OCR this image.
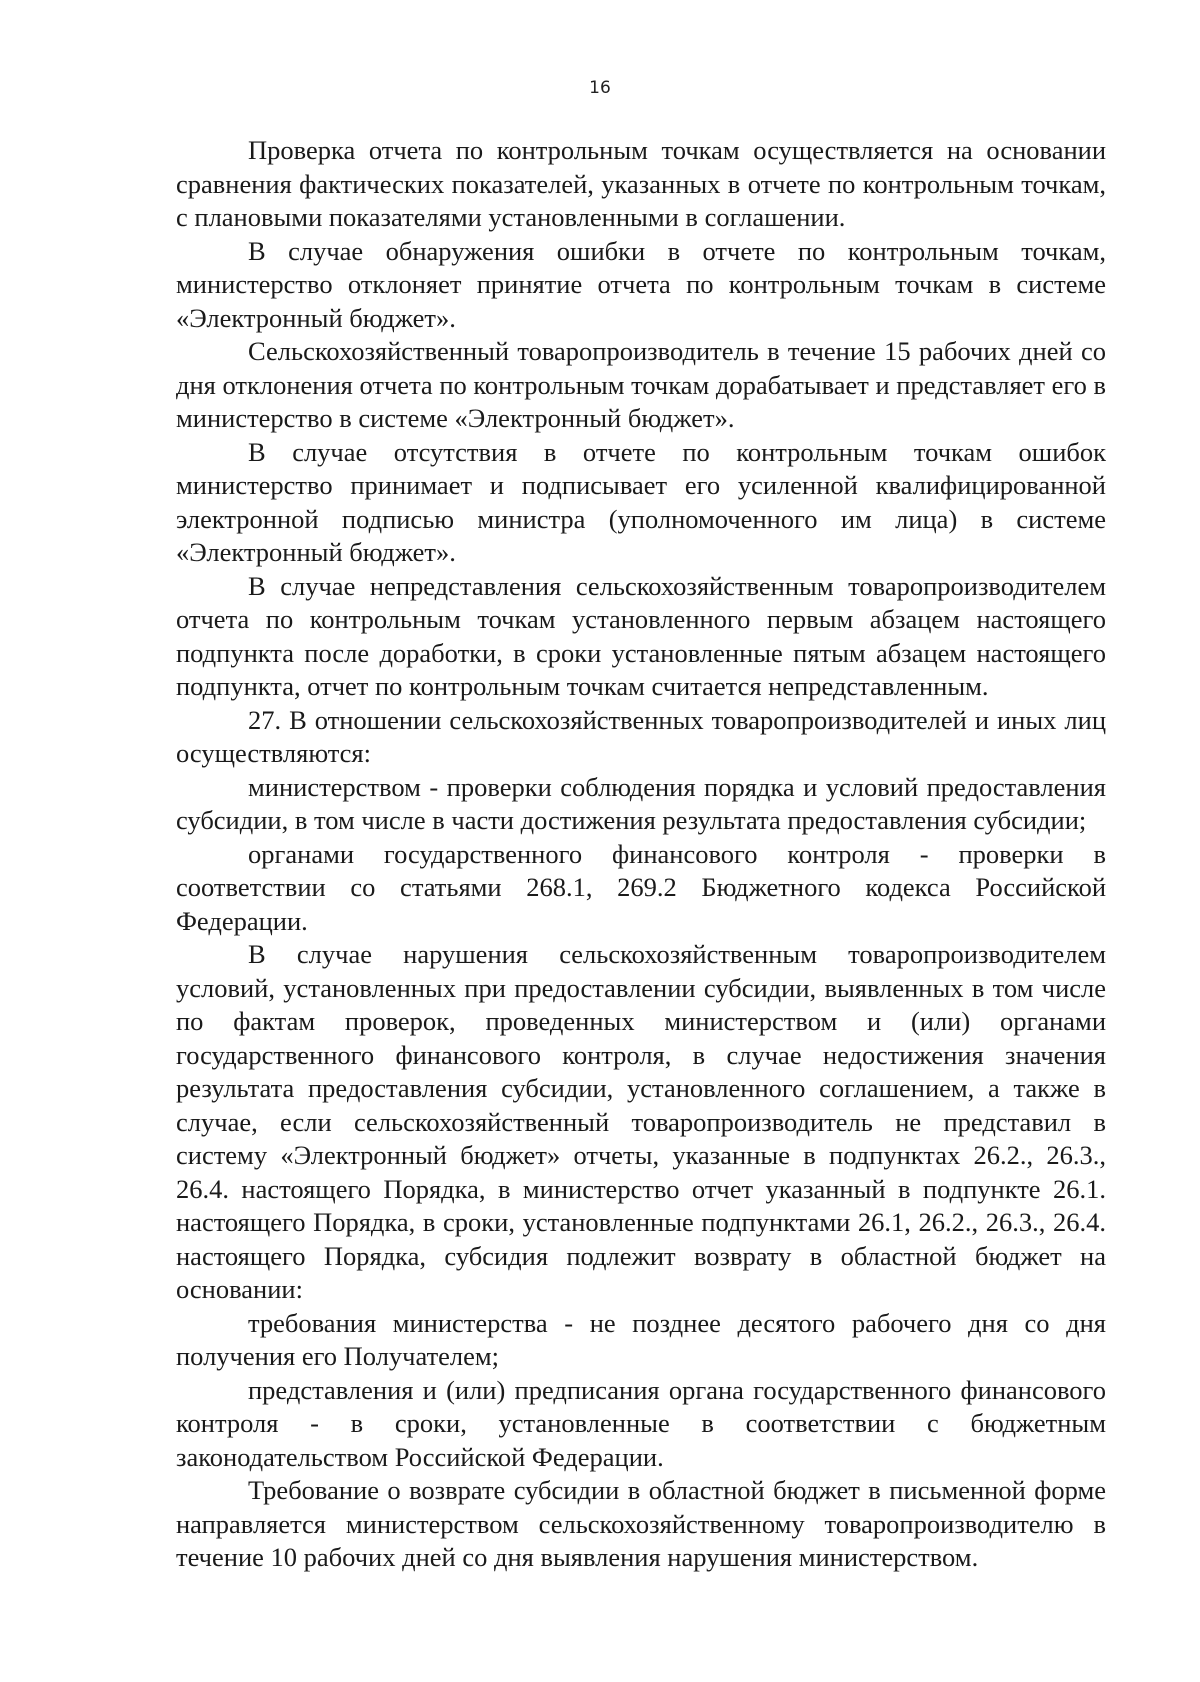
16

Проверка отчета по контрольным точкам осуществляется на основании сравнения фактических показателей, указанных в отчете по контрольным точкам, с плановыми показателями установленными в соглашении.

В случае обнаружения ошибки в отчете по контрольным точкам, министерство отклоняет принятие отчета по контрольным точкам в системе «Электронный бюджет».

Сельскохозяйственный товаропроизводитель в течение 15 рабочих дней со дня отклонения отчета по контрольным точкам дорабатывает и представляет его в министерство в системе «Электронный бюджет».

В случае отсутствия в отчете по контрольным точкам ошибок министерство принимает и подписывает его усиленной квалифицированной электронной подписью министра (уполномоченного им лица) в системе «Электронный бюджет».

В случае непредставления сельскохозяйственным товаропроизводителем отчета по контрольным точкам установленного первым абзацем настоящего подпункта после доработки, в сроки установленные пятым абзацем настоящего подпункта, отчет по контрольным точкам считается непредставленным.

27. В отношении сельскохозяйственных товаропроизводителей и иных лиц осуществляются:

министерством - проверки соблюдения порядка и условий предоставления субсидии, в том числе в части достижения результата предоставления субсидии;

органами государственного финансового контроля - проверки в соответствии со статьями 268.1, 269.2 Бюджетного кодекса Российской Федерации.

В случае нарушения сельскохозяйственным товаропроизводителем условий, установленных при предоставлении субсидии, выявленных в том числе по фактам проверок, проведенных министерством и (или) органами государственного финансового контроля, в случае недостижения значения результата предоставления субсидии, установленного соглашением, а также в случае, если сельскохозяйственный товаропроизводитель не представил в систему «Электронный бюджет» отчеты, указанные в подпунктах 26.2., 26.3., 26.4. настоящего Порядка, в министерство отчет указанный в подпункте 26.1. настоящего Порядка, в сроки, установленные подпунктами 26.1, 26.2., 26.3., 26.4. настоящего Порядка, субсидия подлежит возврату в областной бюджет на основании:

требования министерства - не позднее десятого рабочего дня со дня получения его Получателем;

представления и (или) предписания органа государственного финансового контроля - в сроки, установленные в соответствии с бюджетным законодательством Российской Федерации.

Требование о возврате субсидии в областной бюджет в письменной форме направляется министерством сельскохозяйственному товаропроизводителю в течение 10 рабочих дней со дня выявления нарушения министерством.
